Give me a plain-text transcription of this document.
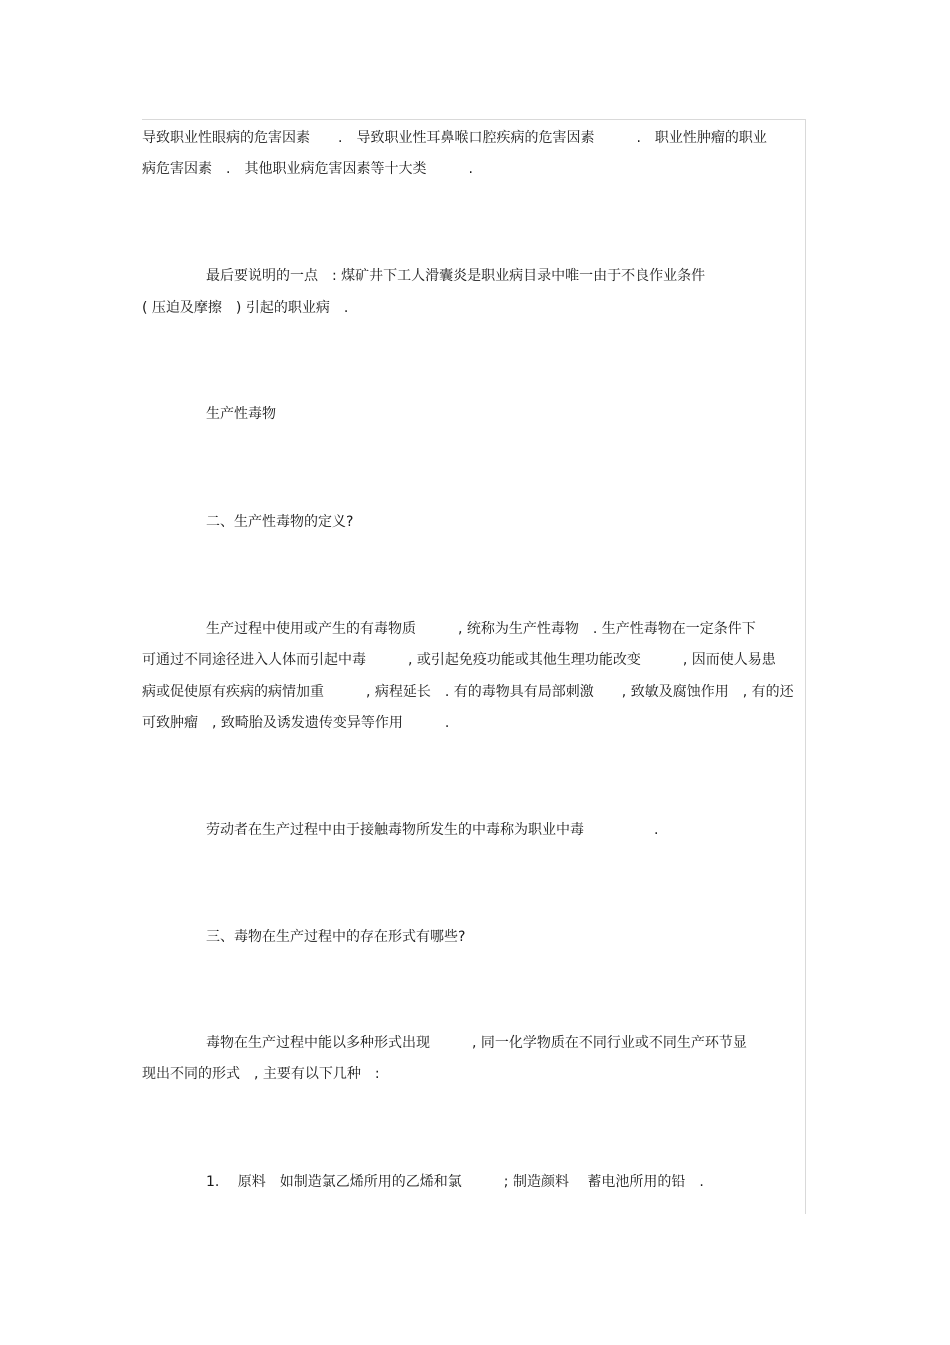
导致职业性眼病的危害因素　　.　导致职业性耳鼻喉口腔疾病的危害因素　　　.　职业性肿瘤的职业
病危害因素　.　其他职业病危害因素等十大类　　　.
最后要说明的一点　: 煤矿井下工人滑囊炎是职业病目录中唯一由于不良作业条件
( 压迫及摩擦　) 引起的职业病　.
生产性毒物
二、生产性毒物的定义?
生产过程中使用或产生的有毒物质　　　, 统称为生产性毒物　. 生产性毒物在一定条件下
可通过不同途径进入人体而引起中毒　　　, 或引起免疫功能或其他生理功能改变　　　, 因而使人易患
病或促使原有疾病的病情加重　　　, 病程延长　. 有的毒物具有局部刺激　　, 致敏及腐蚀作用　, 有的还
可致肿瘤　, 致畸胎及诱发遗传变异等作用　　　.
劳动者在生产过程中由于接触毒物所发生的中毒称为职业中毒　　　　　.
三、毒物在生产过程中的存在形式有哪些?
毒物在生产过程中能以多种形式出现　　　, 同一化学物质在不同行业或不同生产环节显
现出不同的形式　, 主要有以下几种　:
1.　 原料　如制造氯乙烯所用的乙烯和氯　　　; 制造颜料　 蓄电池所用的铅　.
